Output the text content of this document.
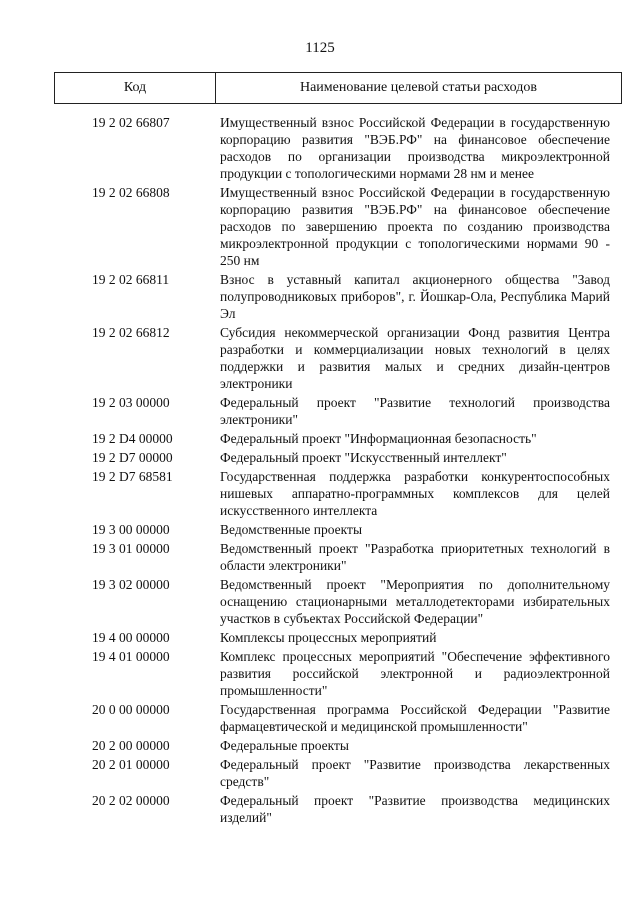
1125
Код	Наименование целевой статьи расходов
19 2 02 66807	Имущественный взнос Российской Федерации в государственную корпорацию развития "ВЭБ.РФ" на финансовое обеспечение расходов по организации производства микроэлектронной продукции с топологическими нормами 28 нм и менее
19 2 02 66808	Имущественный взнос Российской Федерации в государственную корпорацию развития "ВЭБ.РФ" на финансовое обеспечение расходов по завершению проекта по созданию производства микроэлектронной продукции с топологическими нормами 90 - 250 нм
19 2 02 66811	Взнос в уставный капитал акционерного общества "Завод полупроводниковых приборов", г. Йошкар-Ола, Республика Марий Эл
19 2 02 66812	Субсидия некоммерческой организации Фонд развития Центра разработки и коммерциализации новых технологий в целях поддержки и развития малых и средних дизайн-центров электроники
19 2 03 00000	Федеральный проект "Развитие технологий производства электроники"
19 2 D4 00000	Федеральный проект "Информационная безопасность"
19 2 D7 00000	Федеральный проект "Искусственный интеллект"
19 2 D7 68581	Государственная поддержка разработки конкурентоспособных нишевых аппаратно-программных комплексов для целей искусственного интеллекта
19 3 00 00000	Ведомственные проекты
19 3 01 00000	Ведомственный проект "Разработка приоритетных технологий в области электроники"
19 3 02 00000	Ведомственный проект "Мероприятия по дополнительному оснащению стационарными металлодетекторами избирательных участков в субъектах Российской Федерации"
19 4 00 00000	Комплексы процессных мероприятий
19 4 01 00000	Комплекс процессных мероприятий "Обеспечение эффективного развития российской электронной и радиоэлектронной промышленности"
20 0 00 00000	Государственная программа Российской Федерации "Развитие фармацевтической и медицинской промышленности"
20 2 00 00000	Федеральные проекты
20 2 01 00000	Федеральный проект "Развитие производства лекарственных средств"
20 2 02 00000	Федеральный проект "Развитие производства медицинских изделий"
